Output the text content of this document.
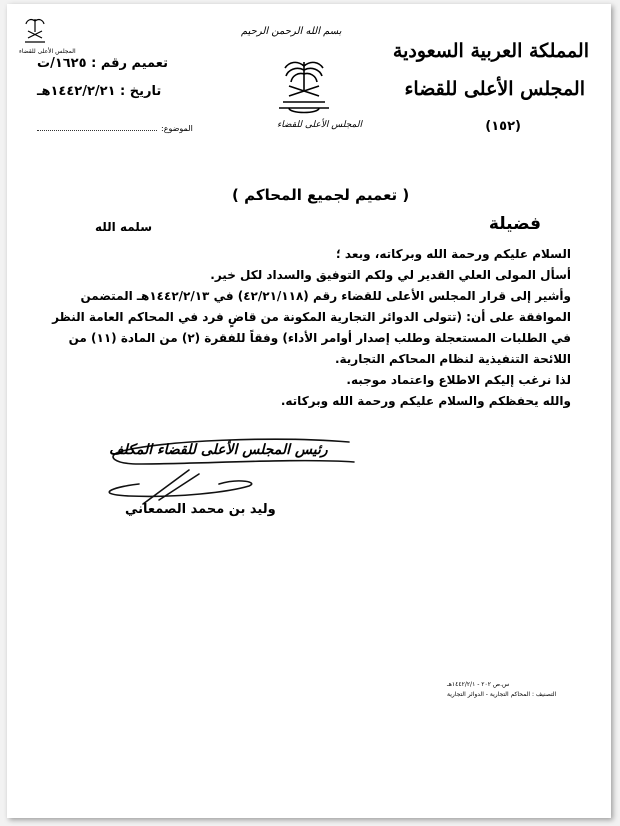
المملكة العربية السعودية
المجلس الأعلى للقضاء
(١٥٢)
بسم الله الرحمن الرحيم
المجلس الأعلى للقضاء
المجلس الأعلى للقضاء
تعميم رقم : ١٦٢٥/ت
تاريخ : ١٤٤٢/٢/٢١هـ
الموضوع:
( تعميم لجميع المحاكم )
فضيلة
سلمه الله

السلام عليكم ورحمة الله وبركاته، وبعد ؛

أسأل المولى العلي القدير لي ولكم التوفيق والسداد لكل خير.

وأشير إلى قرار المجلس الأعلى للقضاء رقم (٤٢/٢١/١١٨) في ١٤٤٢/٢/١٣هـ المتضمن

الموافقة على أن: (تتولى الدوائر التجارية المكونة من قاضٍ فرد في المحاكم العامة النظر

في الطلبات المستعجلة وطلب إصدار أوامر الأداء) وفقاً للفقرة (٢) من المادة (١١) من

اللائحة التنفيذية لنظام المحاكم التجارية.

لذا نرغب إليكم الاطلاع واعتماد موجبه.

والله يحفظكم والسلام عليكم ورحمة الله وبركاته.

رئيس المجلس الأعلى للقضاء المكلف
وليد بن محمد الصمعاني
س.ص ٢٠٢ - ١٤٤٢/٢/١هـ
التصنيف : المحاكم التجارية - الدوائر التجارية
